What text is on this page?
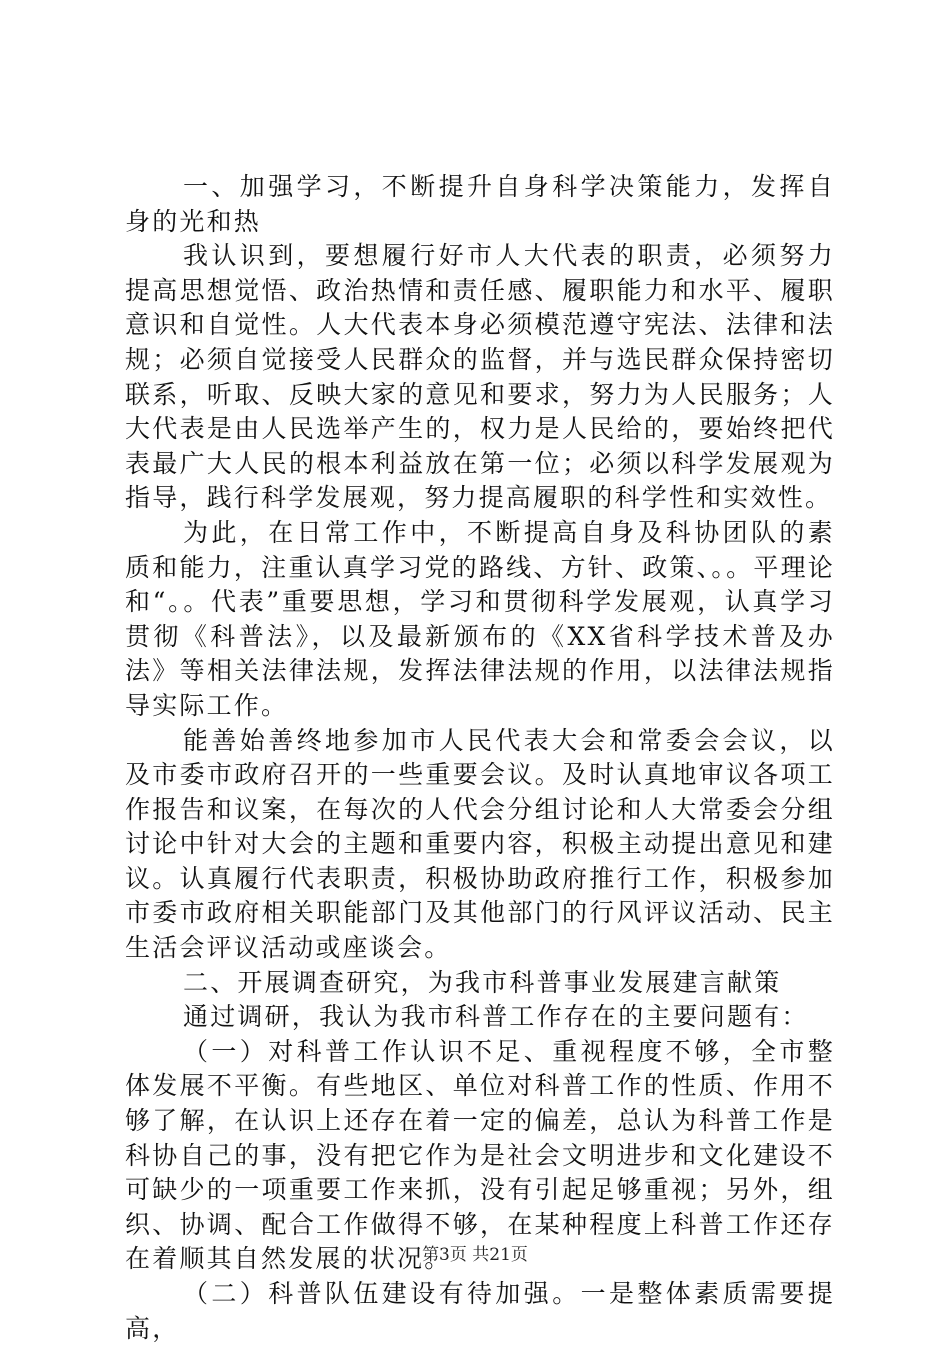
一、加强学习，不断提升自身科学决策能力，发挥自身的光和热

我认识到，要想履行好市人大代表的职责，必须努力提高思想觉悟、政治热情和责任感、履职能力和水平、履职意识和自觉性。人大代表本身必须模范遵守宪法、法律和法规；必须自觉接受人民群众的监督，并与选民群众保持密切联系，听取、反映大家的意见和要求，努力为人民服务；人大代表是由人民选举产生的，权力是人民给的，要始终把代表最广大人民的根本利益放在第一位；必须以科学发展观为指导，践行科学发展观，努力提高履职的科学性和实效性。

为此，在日常工作中，不断提高自身及科协团队的素质和能力，注重认真学习党的路线、方针、政策、。。平理论和“。。代表”重要思想，学习和贯彻科学发展观，认真学习贯彻《科普法》，以及最新颁布的《XX省科学技术普及办法》等相关法律法规，发挥法律法规的作用，以法律法规指导实际工作。

能善始善终地参加市人民代表大会和常委会会议，以及市委市政府召开的一些重要会议。及时认真地审议各项工作报告和议案，在每次的人代会分组讨论和人大常委会分组讨论中针对大会的主题和重要内容，积极主动提出意见和建议。认真履行代表职责，积极协助政府推行工作，积极参加市委市政府相关职能部门及其他部门的行风评议活动、民主生活会评议活动或座谈会。

二、开展调查研究，为我市科普事业发展建言献策

通过调研，我认为我市科普工作存在的主要问题有：

（一）对科普工作认识不足、重视程度不够，全市整体发展不平衡。有些地区、单位对科普工作的性质、作用不够了解，在认识上还存在着一定的偏差，总认为科普工作是科协自己的事，没有把它作为是社会文明进步和文化建设不可缺少的一项重要工作来抓，没有引起足够重视；另外，组织、协调、配合工作做得不够，在某种程度上科普工作还存在着顺其自然发展的状况。

（二）科普队伍建设有待加强。一是整体素质需要提高，

第3页 共21页
